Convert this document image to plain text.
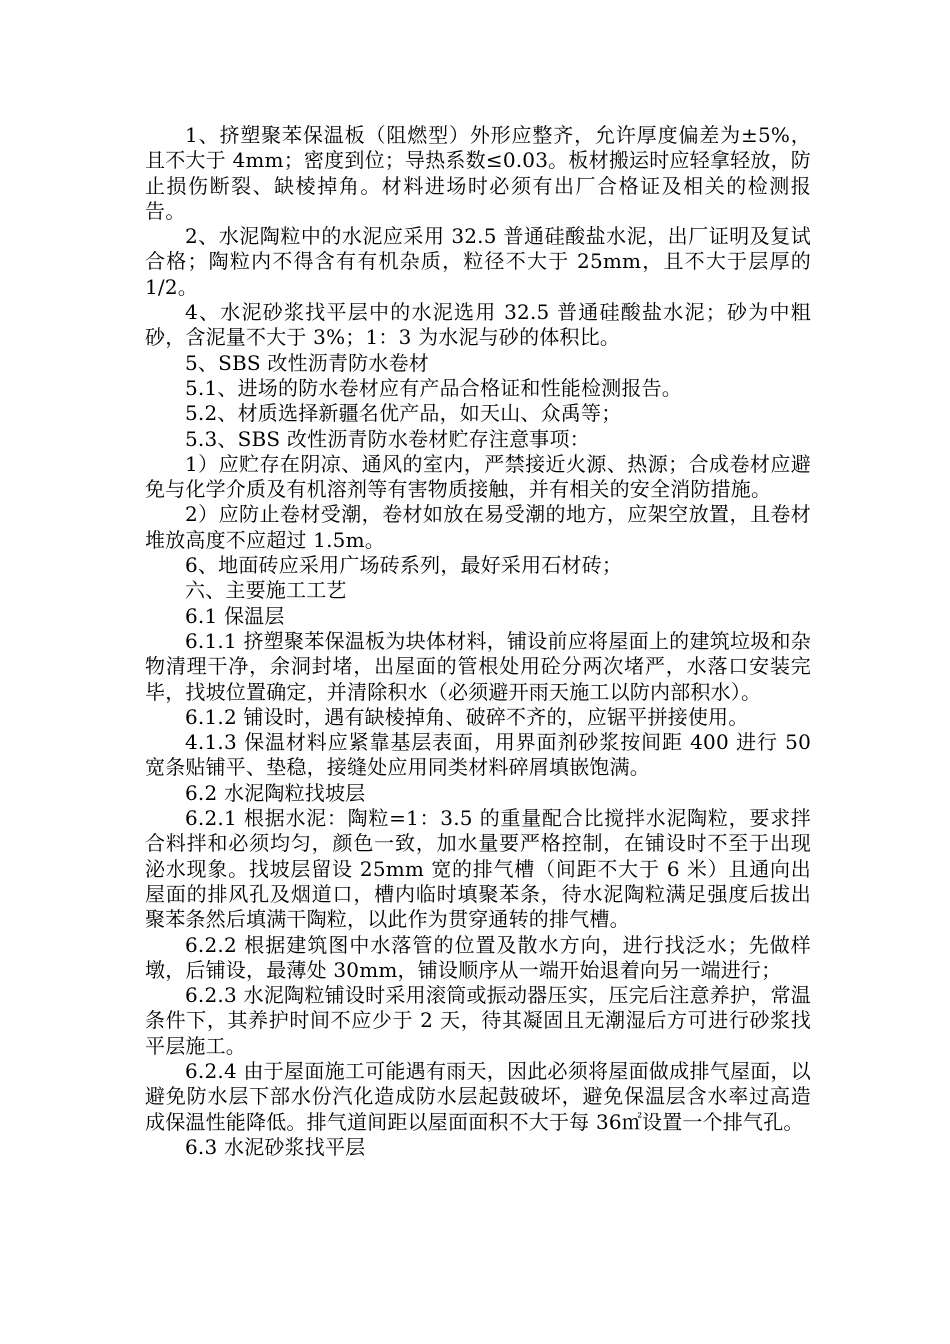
1、挤塑聚苯保温板（阻燃型）外形应整齐，允许厚度偏差为±5%，且不大于 4mm；密度到位；导热系数≤0.03。板材搬运时应轻拿轻放，防止损伤断裂、缺棱掉角。材料进场时必须有出厂合格证及相关的检测报告。

2、水泥陶粒中的水泥应采用 32.5 普通硅酸盐水泥，出厂证明及复试合格；陶粒内不得含有有机杂质，粒径不大于 25mm，且不大于层厚的 1/2。

4、水泥砂浆找平层中的水泥选用 32.5 普通硅酸盐水泥；砂为中粗砂，含泥量不大于 3%；1：3 为水泥与砂的体积比。

5、SBS 改性沥青防水卷材

5.1、进场的防水卷材应有产品合格证和性能检测报告。

5.2、材质选择新疆名优产品，如天山、众禹等；

5.3、SBS 改性沥青防水卷材贮存注意事项：

1）应贮存在阴凉、通风的室内，严禁接近火源、热源；合成卷材应避免与化学介质及有机溶剂等有害物质接触，并有相关的安全消防措施。

2）应防止卷材受潮，卷材如放在易受潮的地方，应架空放置，且卷材堆放高度不应超过 1.5m。

6、地面砖应采用广场砖系列，最好采用石材砖；

六、主要施工工艺

6.1 保温层

6.1.1 挤塑聚苯保温板为块体材料，铺设前应将屋面上的建筑垃圾和杂物清理干净，余洞封堵，出屋面的管根处用砼分两次堵严，水落口安装完毕，找坡位置确定，并清除积水（必须避开雨天施工以防内部积水）。

6.1.2 铺设时，遇有缺棱掉角、破碎不齐的，应锯平拼接使用。

4.1.3 保温材料应紧靠基层表面，用界面剂砂浆按间距 400 进行 50 宽条贴铺平、垫稳，接缝处应用同类材料碎屑填嵌饱满。

6.2 水泥陶粒找坡层

6.2.1 根据水泥：陶粒=1：3.5 的重量配合比搅拌水泥陶粒，要求拌合料拌和必须均匀，颜色一致，加水量要严格控制，在铺设时不至于出现泌水现象。找坡层留设 25mm 宽的排气槽（间距不大于 6 米）且通向出屋面的排风孔及烟道口，槽内临时填聚苯条，待水泥陶粒满足强度后拔出聚苯条然后填满干陶粒，以此作为贯穿通转的排气槽。

6.2.2 根据建筑图中水落管的位置及散水方向，进行找泛水；先做样墩，后铺设，最薄处 30mm，铺设顺序从一端开始退着向另一端进行；

6.2.3 水泥陶粒铺设时采用滚筒或振动器压实，压完后注意养护，常温条件下，其养护时间不应少于 2 天，待其凝固且无潮湿后方可进行砂浆找平层施工。

6.2.4 由于屋面施工可能遇有雨天，因此必须将屋面做成排气屋面，以避免防水层下部水份汽化造成防水层起鼓破坏，避免保温层含水率过高造成保温性能降低。排气道间距以屋面面积不大于每 36㎡设置一个排气孔。

6.3 水泥砂浆找平层
